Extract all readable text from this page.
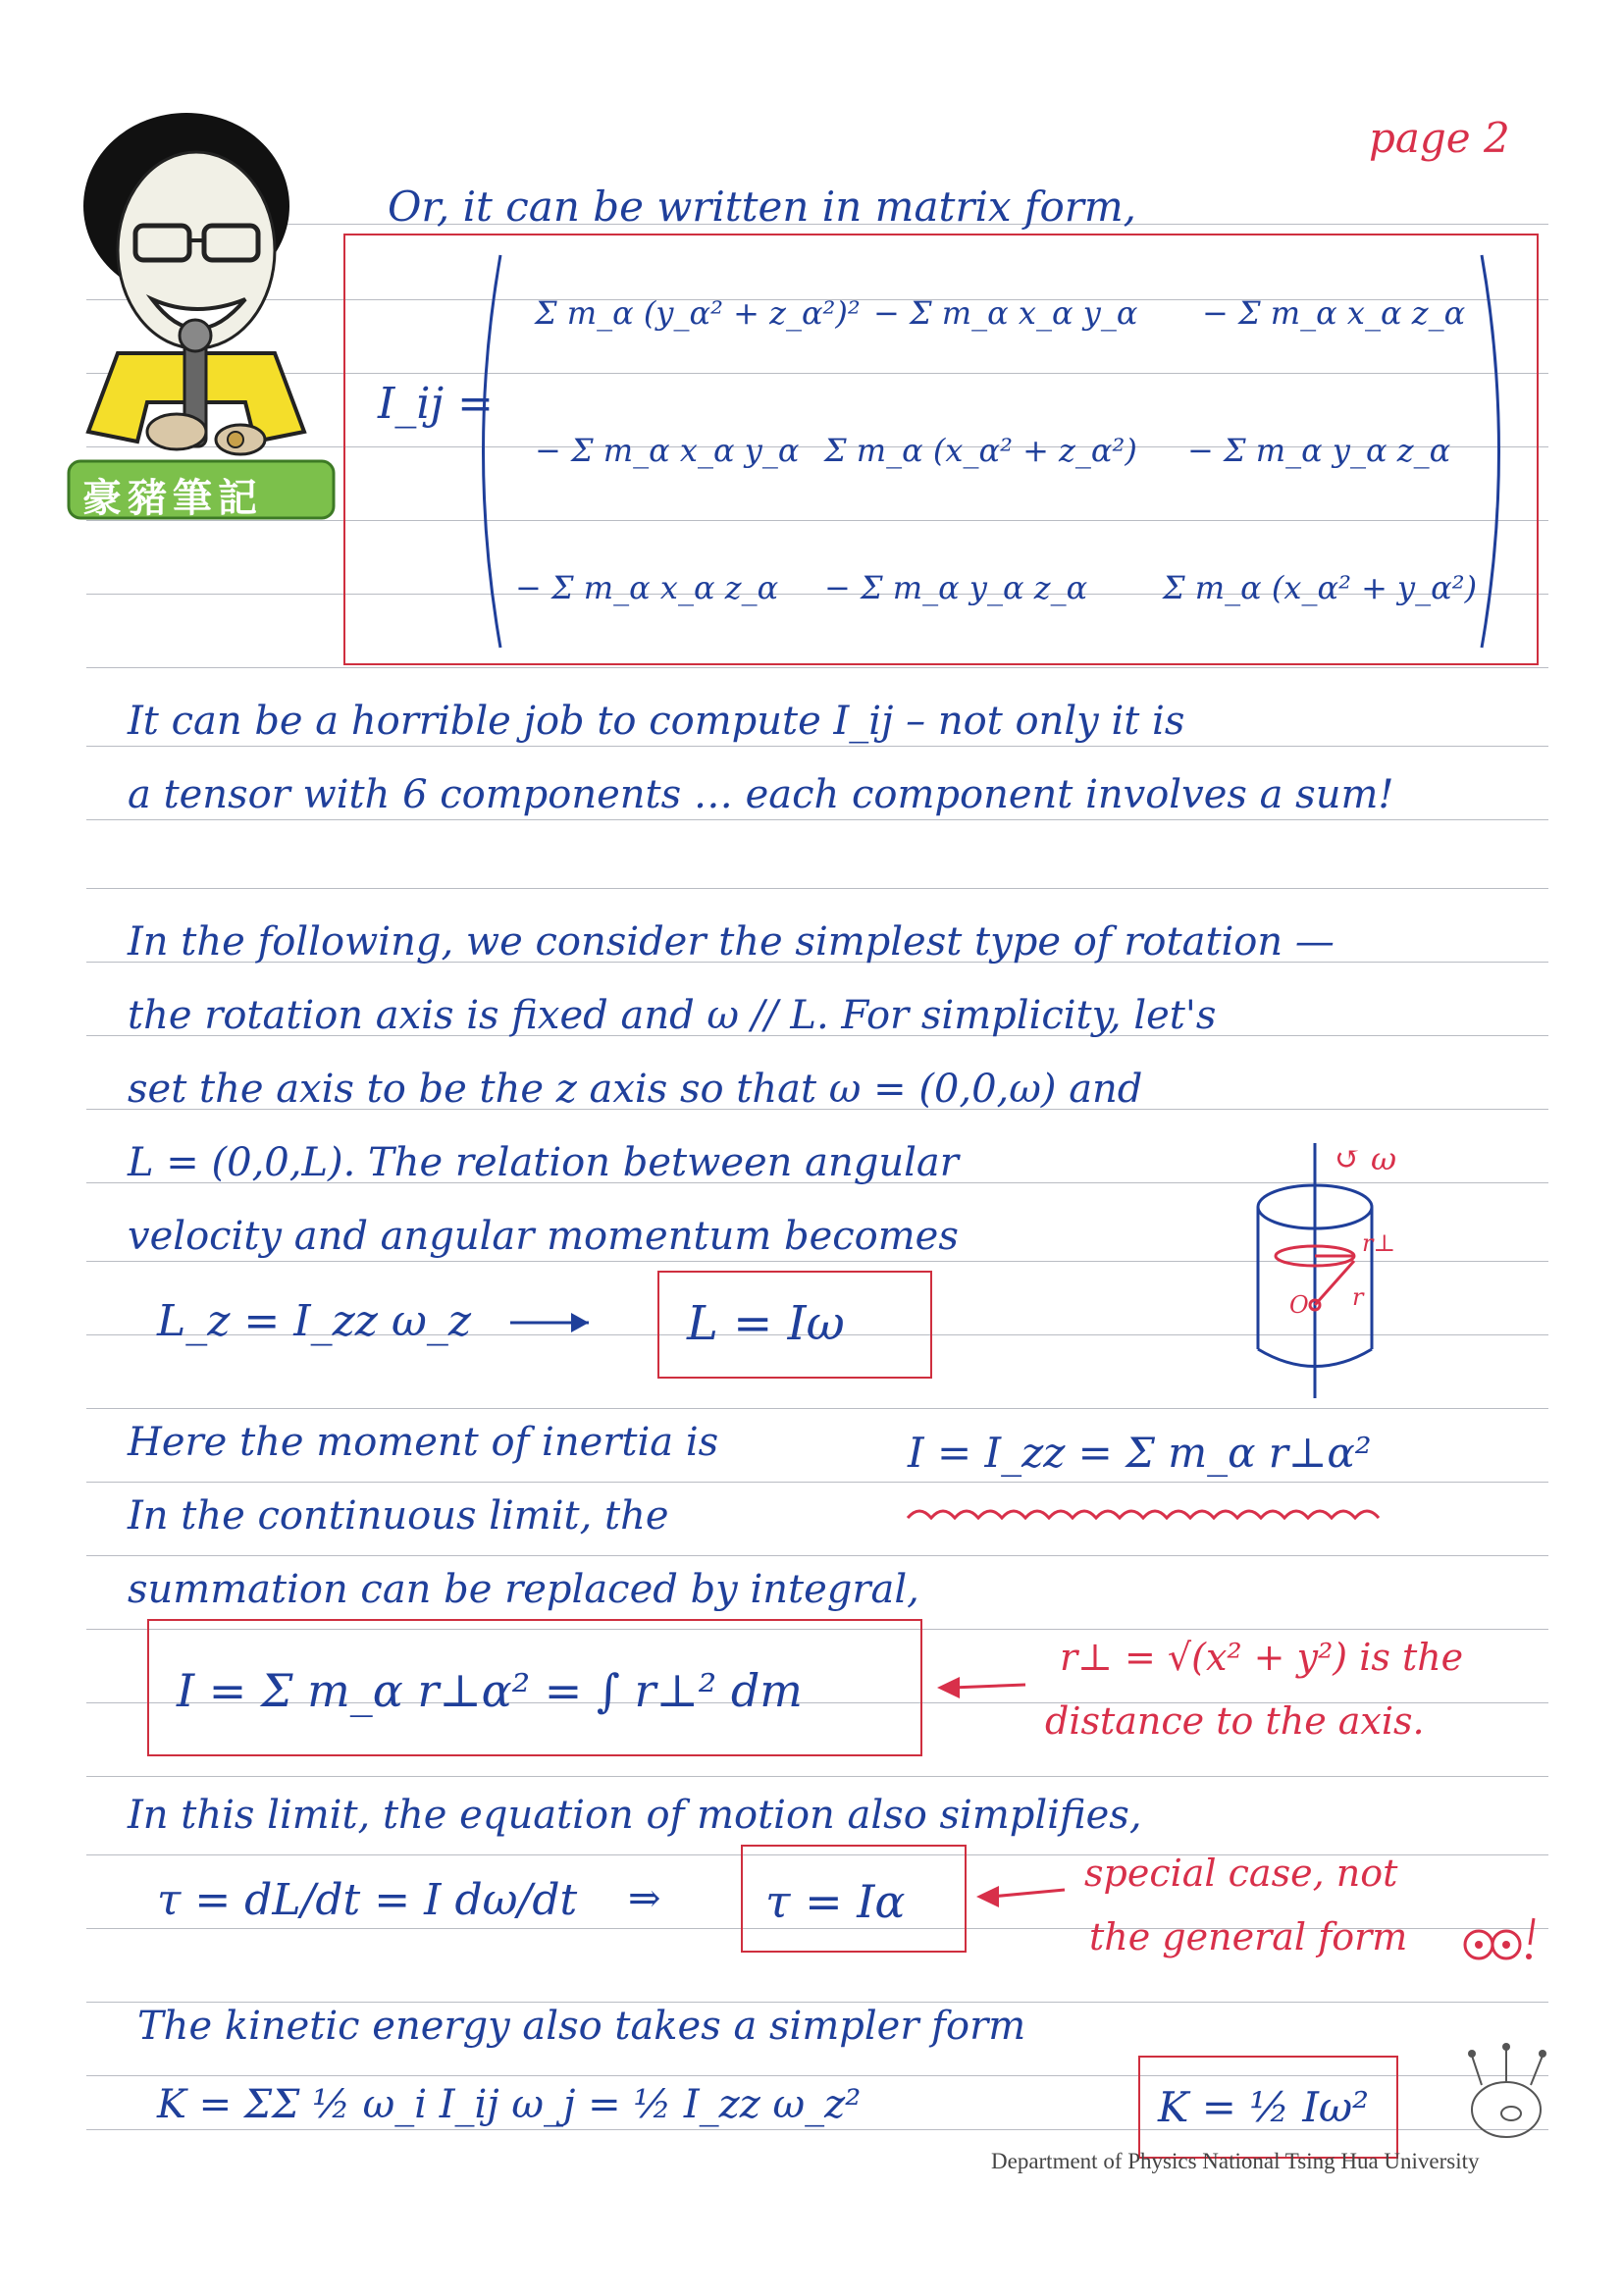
豪豬筆記
page 2
Or, it can be written in matrix form,
I_ij =
Σ m_α (y_α² + z_α²)² − Σ m_α x_α y_α − Σ m_α x_α z_α
− Σ m_α x_α y_α Σ m_α (x_α² + z_α²) − Σ m_α y_α z_α
− Σ m_α x_α z_α − Σ m_α y_α z_α Σ m_α (x_α² + y_α²)
It can be a horrible job to compute I_ij – not only it is
a tensor with 6 components … each component involves a sum!
In the following, we consider the simplest type of rotation —
the rotation axis is fixed and ω // L. For simplicity, let's
set the axis to be the z axis so that ω = (0,0,ω) and
L = (0,0,L). The relation between angular
velocity and angular momentum becomes
↺ ω
r⊥
r
O
L_z = I_zz ω_z	L = Iω
Here the moment of inertia is
In the continuous limit, the
I = I_zz = Σ m_α r⊥α²
summation can be replaced by integral,
I = Σ m_α r⊥α² = ∫ r⊥² dm
r⊥ = √(x² + y²) is the
distance to the axis.
In this limit, the equation of motion also simplifies,
τ = dL/dt = I dω/dt ⇒ τ = Iα
special case, not
the general form
The kinetic energy also takes a simpler form
K = ΣΣ ½ ω_i I_ij ω_j = ½ I_zz ω_z²	K = ½ Iω²
Department of Physics National Tsing Hua University
